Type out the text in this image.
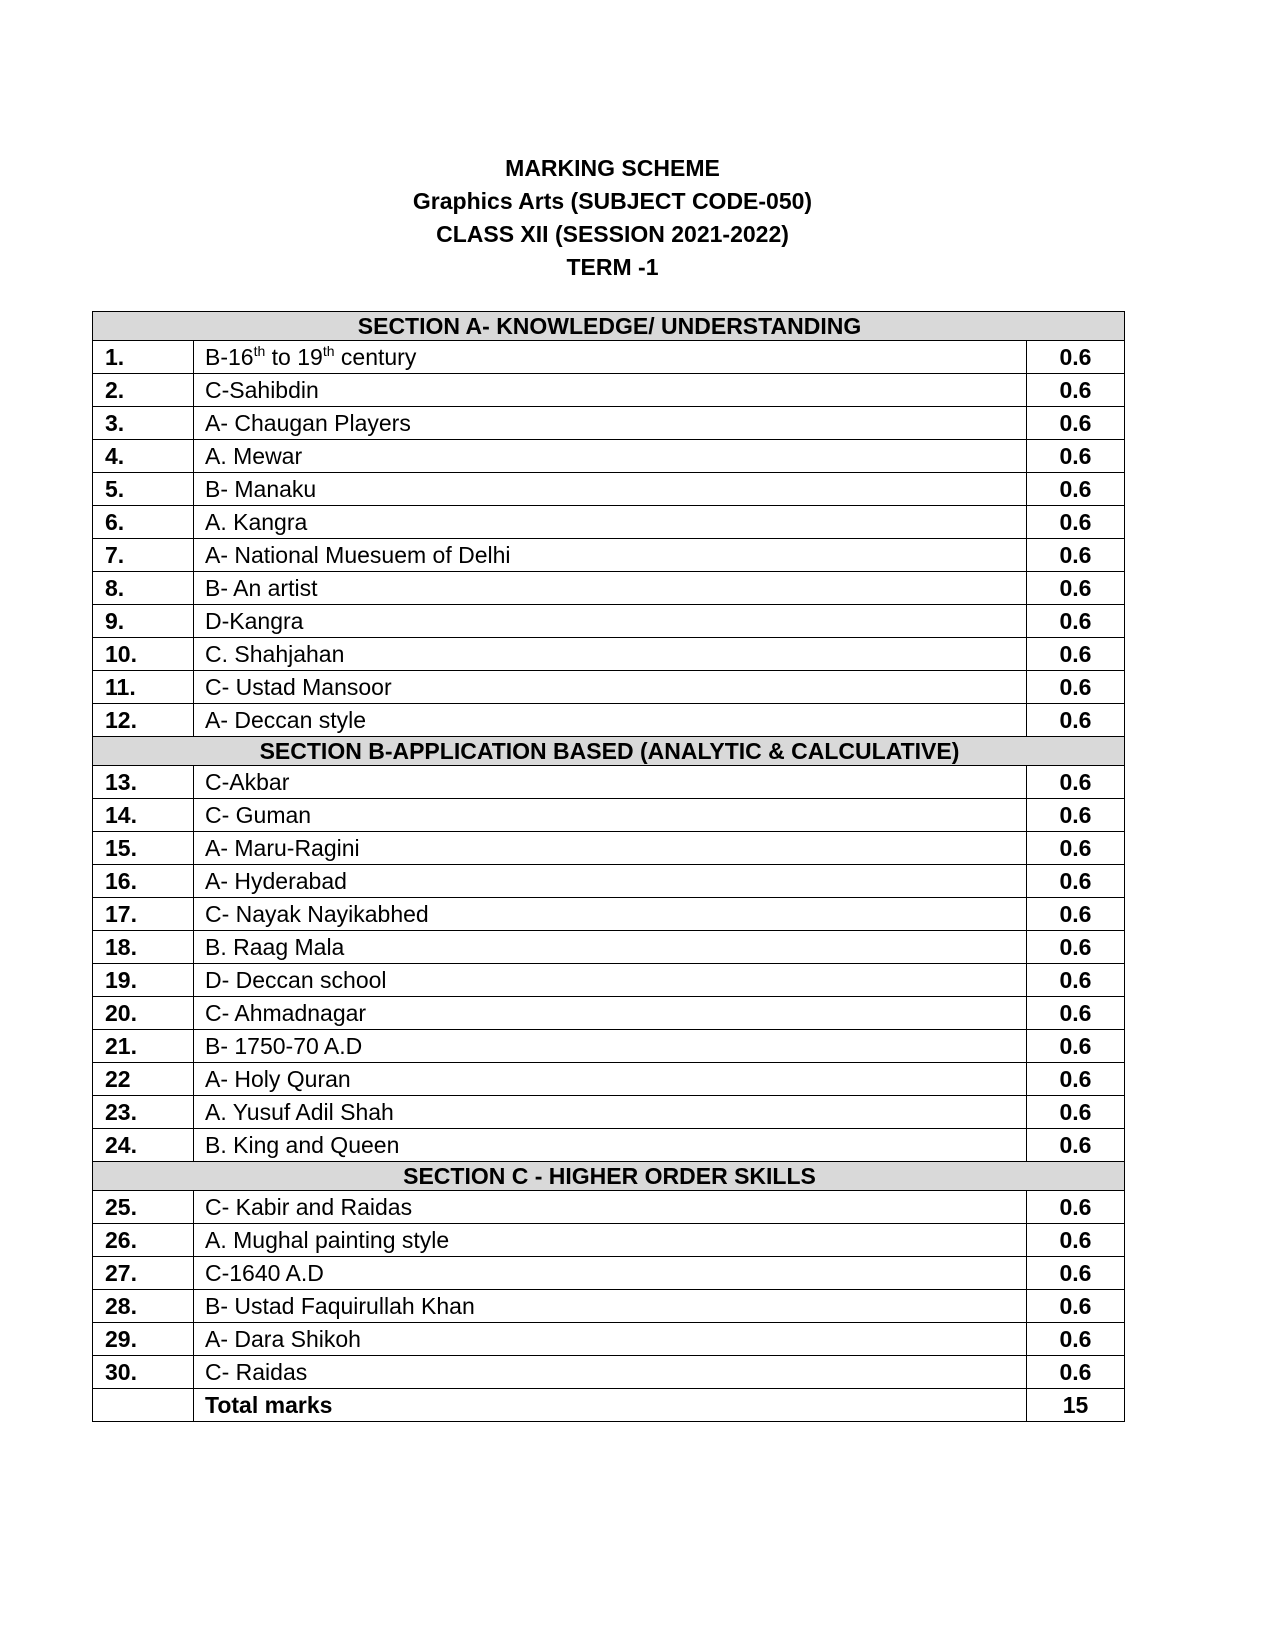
MARKING SCHEME
Graphics Arts (SUBJECT CODE-050)
CLASS XII (SESSION 2021-2022)
TERM -1
SECTION A- KNOWLEDGE/ UNDERSTANDING		
1.	B-16th to 19th century	0.6
2.	C-Sahibdin	0.6
3.	A- Chaugan Players	0.6
4.	A. Mewar	0.6
5.	B- Manaku	0.6
6.	A. Kangra	0.6
7.	A- National Muesuem of Delhi	0.6
8.	B- An artist	0.6
9.	D-Kangra	0.6
10.	C. Shahjahan	0.6
11.	C- Ustad Mansoor	0.6
12.	A- Deccan style	0.6
SECTION B-APPLICATION BASED (ANALYTIC & CALCULATIVE)		
13.	C-Akbar	0.6
14.	C- Guman	0.6
15.	A- Maru-Ragini	0.6
16.	A- Hyderabad	0.6
17.	C- Nayak Nayikabhed	0.6
18.	B. Raag Mala	0.6
19.	D- Deccan school	0.6
20.	C- Ahmadnagar	0.6
21.	B- 1750-70 A.D	0.6
22	A- Holy Quran	0.6
23.	A. Yusuf Adil Shah	0.6
24.	B. King and Queen	0.6
SECTION C - HIGHER ORDER SKILLS		
25.	C- Kabir and Raidas	0.6
26.	A. Mughal painting style	0.6
27.	C-1640 A.D	0.6
28.	B- Ustad Faquirullah Khan	0.6
29.	A- Dara Shikoh	0.6
30.	C- Raidas	0.6
	Total marks	15
